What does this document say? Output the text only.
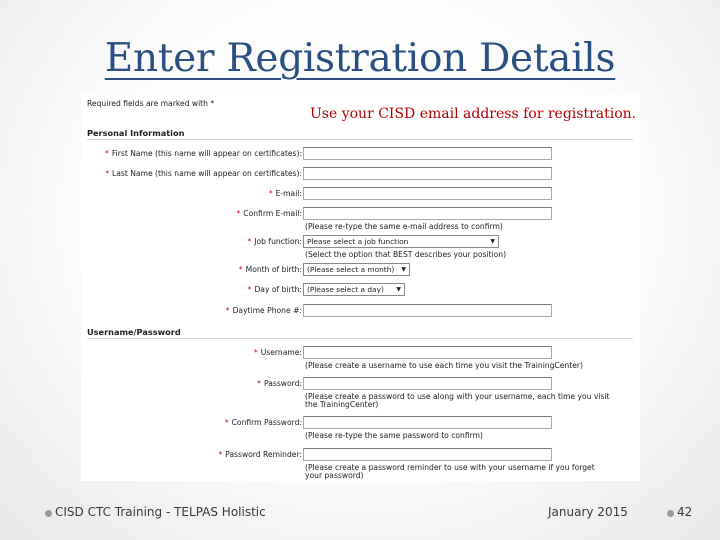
Enter Registration Details
Required fields are marked with *
Personal Information
* First Name (this name will appear on certificates):
* Last Name (this name will appear on certificates):
* E-mail:
* Confirm E-mail:
(Please re-type the same e-mail address to confirm)
* Job function: Please select a job function	▼
(Select the option that BEST describes your position)
* Month of birth: (Please select a month) ▼
* Day of birth: (Please select a day) ▼
* Daytime Phone #:
Username/Password
* Username:
(Please create a username to use each time you visit the TrainingCenter)
* Password:
(Please create a password to use along with your username, each time you visit
the TrainingCenter)
* Confirm Password:
(Please re-type the same password to confirm)
* Password Reminder:
(Please create a password reminder to use with your username if you forget
your password)
Use your CISD email address for registration.
CISD CTC Training - TELPAS Holistic	January 2015	42
